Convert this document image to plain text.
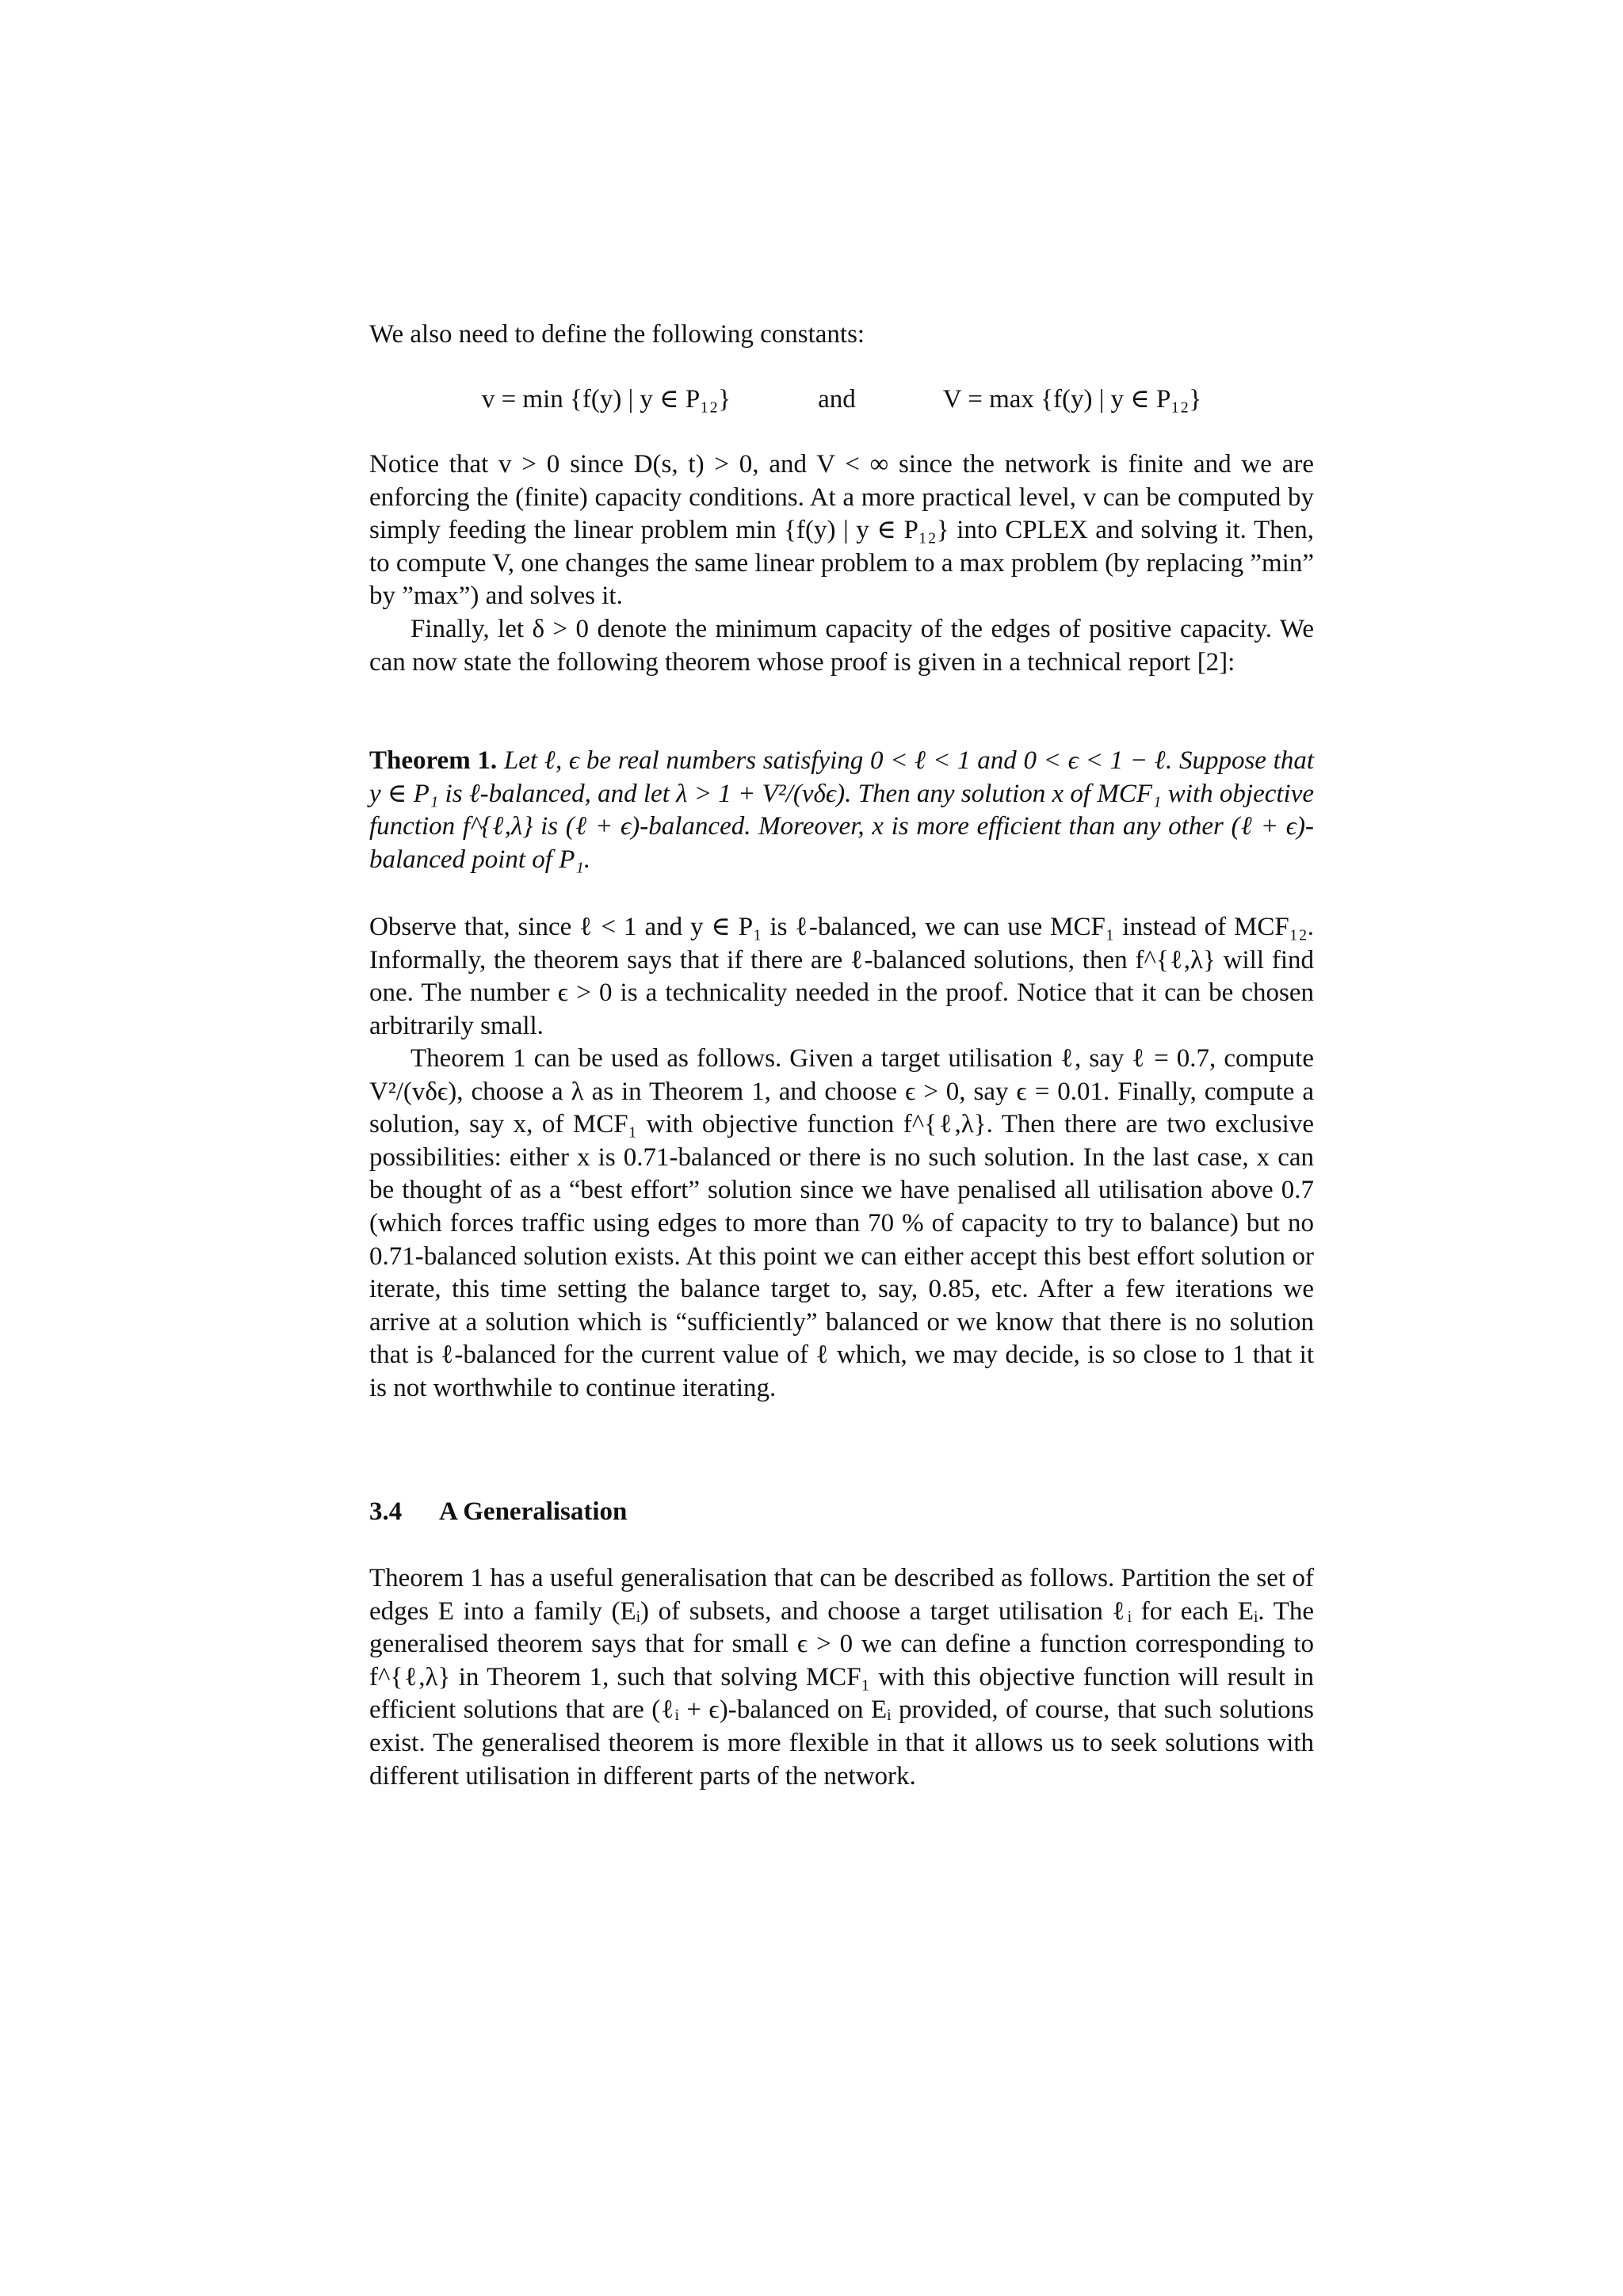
We also need to define the following constants:

v = min {f(y) | y ∈ P₁₂}	and	V = max {f(y) | y ∈ P₁₂}

Notice that v > 0 since D(s, t) > 0, and V < ∞ since the network is finite and we are enforcing the (finite) capacity conditions. At a more practical level, v can be computed by simply feeding the linear problem min {f(y) | y ∈ P₁₂} into CPLEX and solving it. Then, to compute V, one changes the same linear problem to a max problem (by replacing ”min” by ”max”) and solves it.

Finally, let δ > 0 denote the minimum capacity of the edges of positive capacity. We can now state the following theorem whose proof is given in a technical report [2]:

Theorem 1. Let ℓ, ϵ be real numbers satisfying 0 < ℓ < 1 and 0 < ϵ < 1 − ℓ. Suppose that y ∈ P₁ is ℓ-balanced, and let λ > 1 + V²/(vδϵ). Then any solution x of MCF₁ with objective function f^{ℓ,λ} is (ℓ + ϵ)-balanced. Moreover, x is more efficient than any other (ℓ + ϵ)-balanced point of P₁.

Observe that, since ℓ < 1 and y ∈ P₁ is ℓ-balanced, we can use MCF₁ instead of MCF₁₂. Informally, the theorem says that if there are ℓ-balanced solutions, then f^{ℓ,λ} will find one. The number ϵ > 0 is a technicality needed in the proof. Notice that it can be chosen arbitrarily small.

Theorem 1 can be used as follows. Given a target utilisation ℓ, say ℓ = 0.7, compute V²/(vδϵ), choose a λ as in Theorem 1, and choose ϵ > 0, say ϵ = 0.01. Finally, compute a solution, say x, of MCF₁ with objective function f^{ℓ,λ}. Then there are two exclusive possibilities: either x is 0.71-balanced or there is no such solution. In the last case, x can be thought of as a “best effort” solution since we have penalised all utilisation above 0.7 (which forces traffic using edges to more than 70 % of capacity to try to balance) but no 0.71-balanced solution exists. At this point we can either accept this best effort solution or iterate, this time setting the balance target to, say, 0.85, etc. After a few iterations we arrive at a solution which is “sufficiently” balanced or we know that there is no solution that is ℓ-balanced for the current value of ℓ which, we may decide, is so close to 1 that it is not worthwhile to continue iterating.

3.4 A Generalisation

Theorem 1 has a useful generalisation that can be described as follows. Partition the set of edges E into a family (Eᵢ) of subsets, and choose a target utilisation ℓᵢ for each Eᵢ. The generalised theorem says that for small ϵ > 0 we can define a function corresponding to f^{ℓ,λ} in Theorem 1, such that solving MCF₁ with this objective function will result in efficient solutions that are (ℓᵢ + ϵ)-balanced on Eᵢ provided, of course, that such solutions exist. The generalised theorem is more flexible in that it allows us to seek solutions with different utilisation in different parts of the network.
